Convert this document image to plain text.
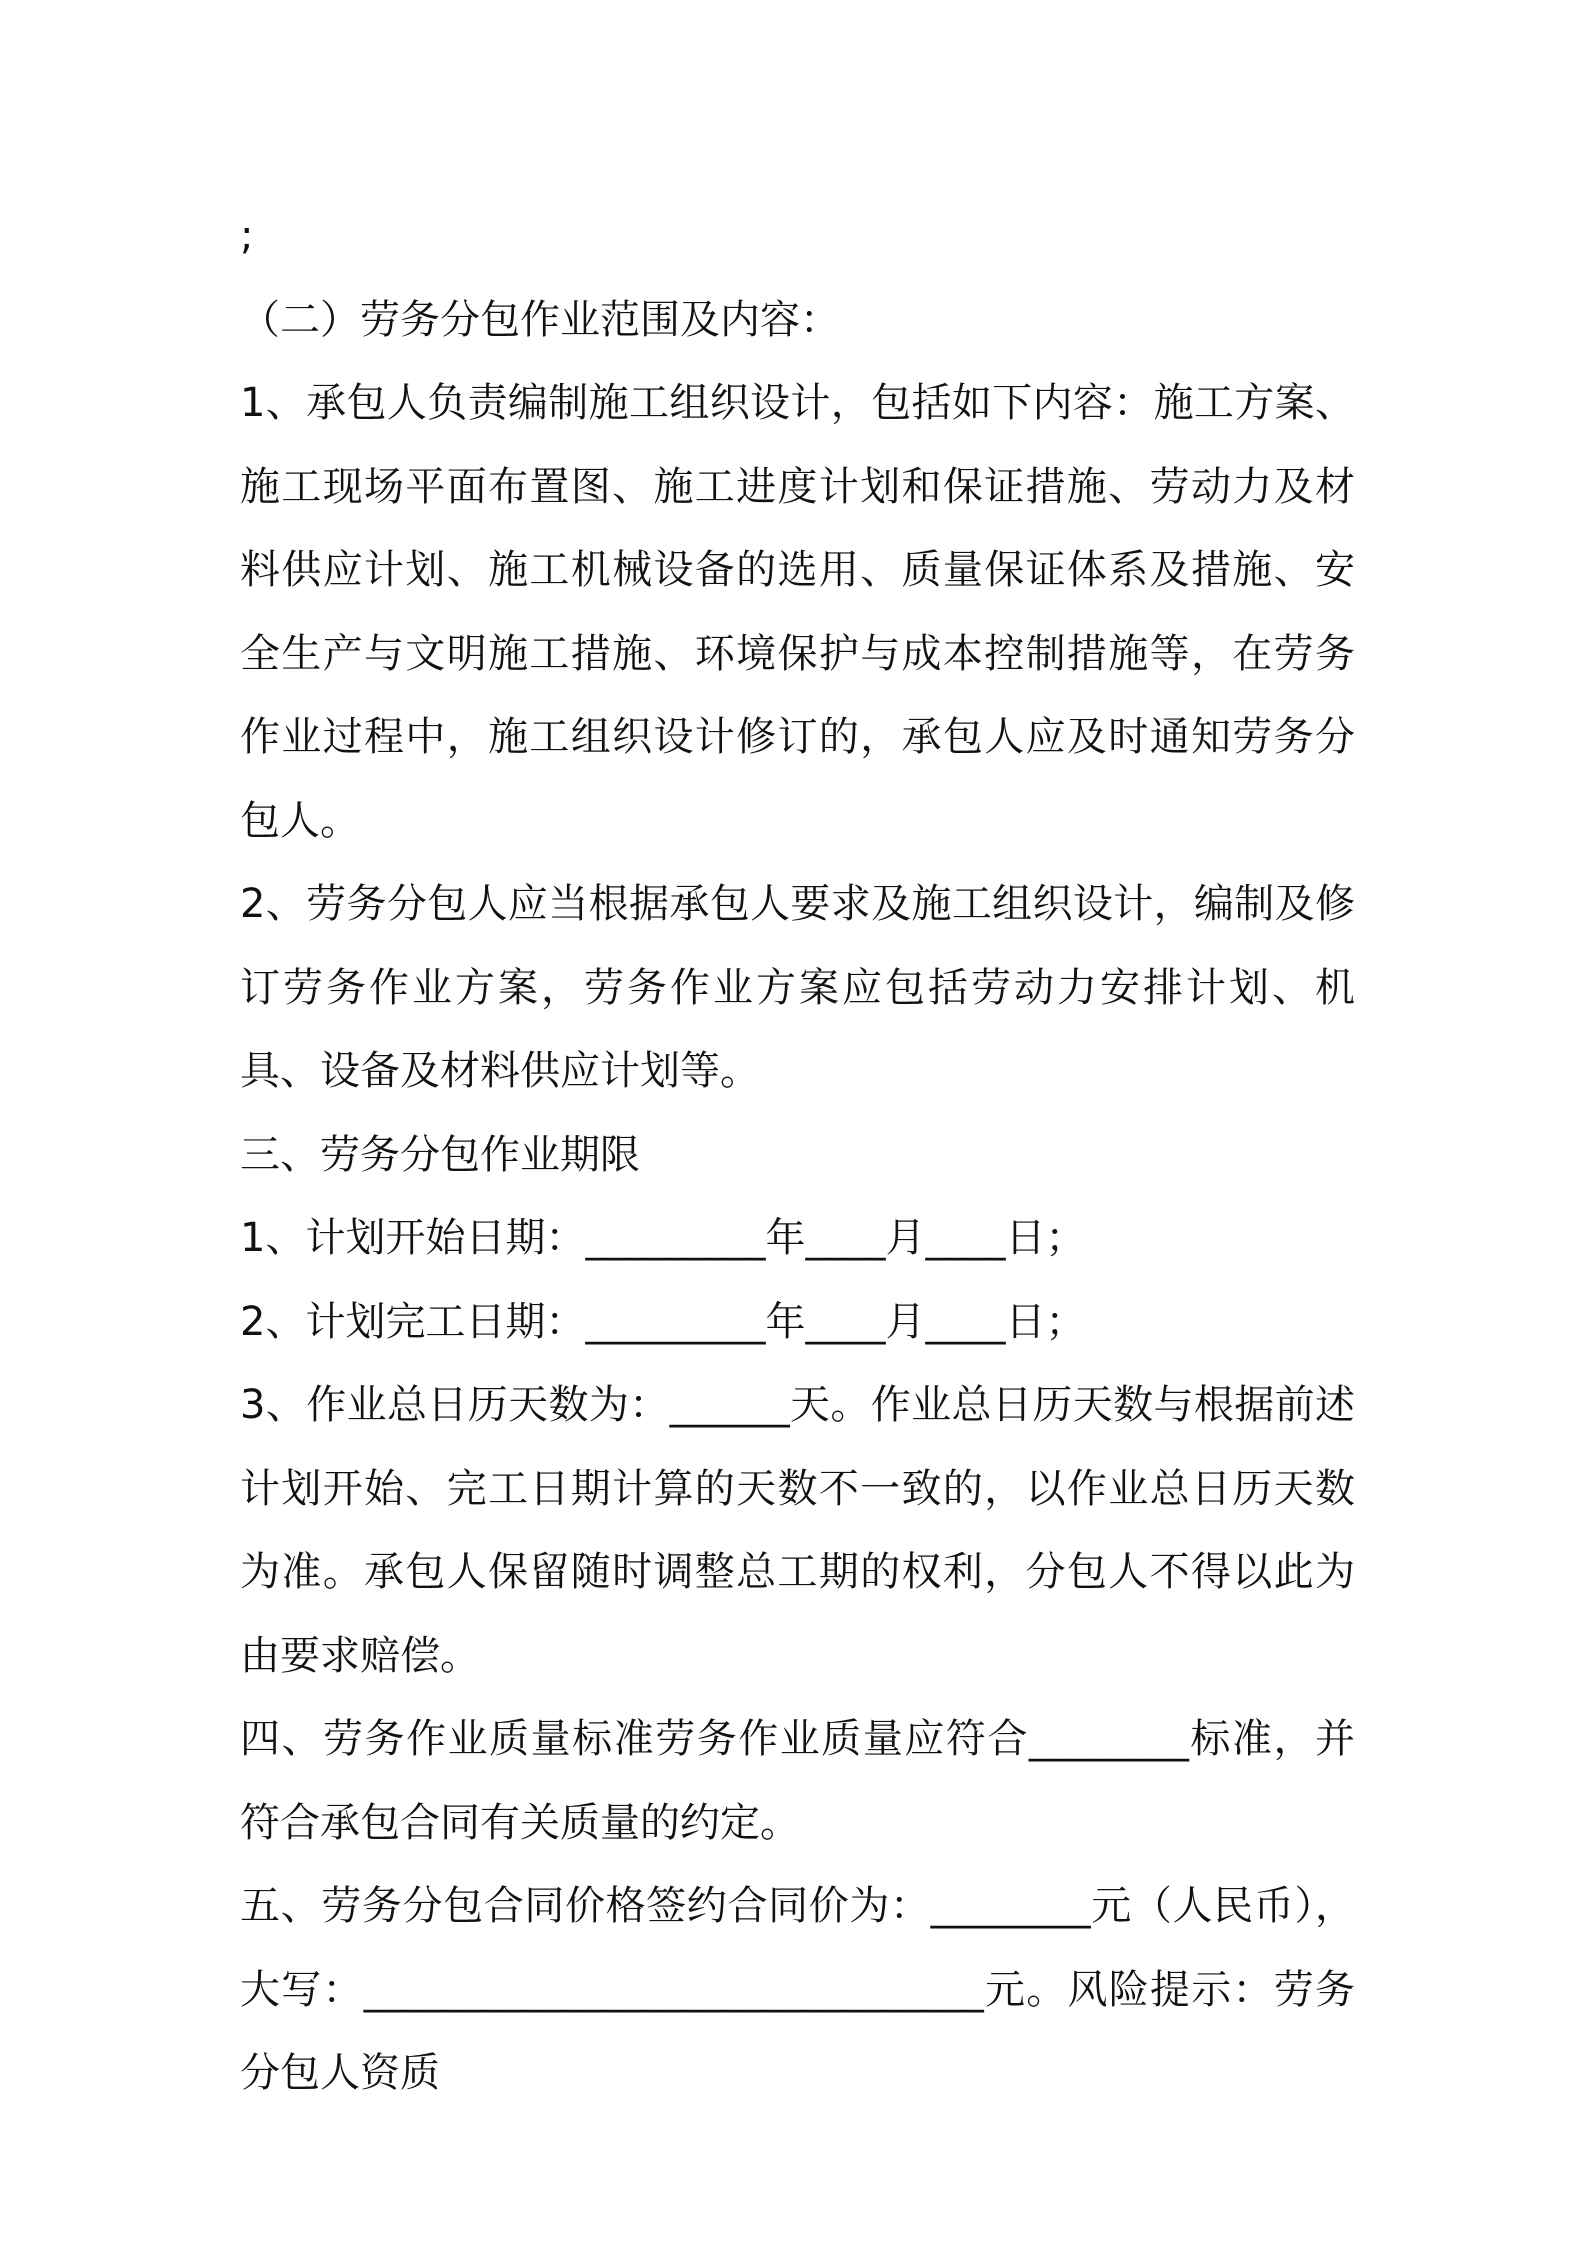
;

（二）劳务分包作业范围及内容：

1、承包人负责编制施工组织设计，包括如下内容：施工方案、施工现场平面布置图、施工进度计划和保证措施、劳动力及材料供应计划、施工机械设备的选用、质量保证体系及措施、安全生产与文明施工措施、环境保护与成本控制措施等，在劳务作业过程中，施工组织设计修订的，承包人应及时通知劳务分包人。

2、劳务分包人应当根据承包人要求及施工组织设计，编制及修订劳务作业方案，劳务作业方案应包括劳动力安排计划、机具、设备及材料供应计划等。

三、劳务分包作业期限

1、计划开始日期：_________年____月____日；

2、计划完工日期：_________年____月____日；

3、作业总日历天数为：______天。作业总日历天数与根据前述计划开始、完工日期计算的天数不一致的，以作业总日历天数为准。承包人保留随时调整总工期的权利，分包人不得以此为由要求赔偿。

四、劳务作业质量标准劳务作业质量应符合________标准，并符合承包合同有关质量的约定。

五、劳务分包合同价格签约合同价为：________元（人民币），大写：_______________________________元。风险提示：劳务分包人资质
